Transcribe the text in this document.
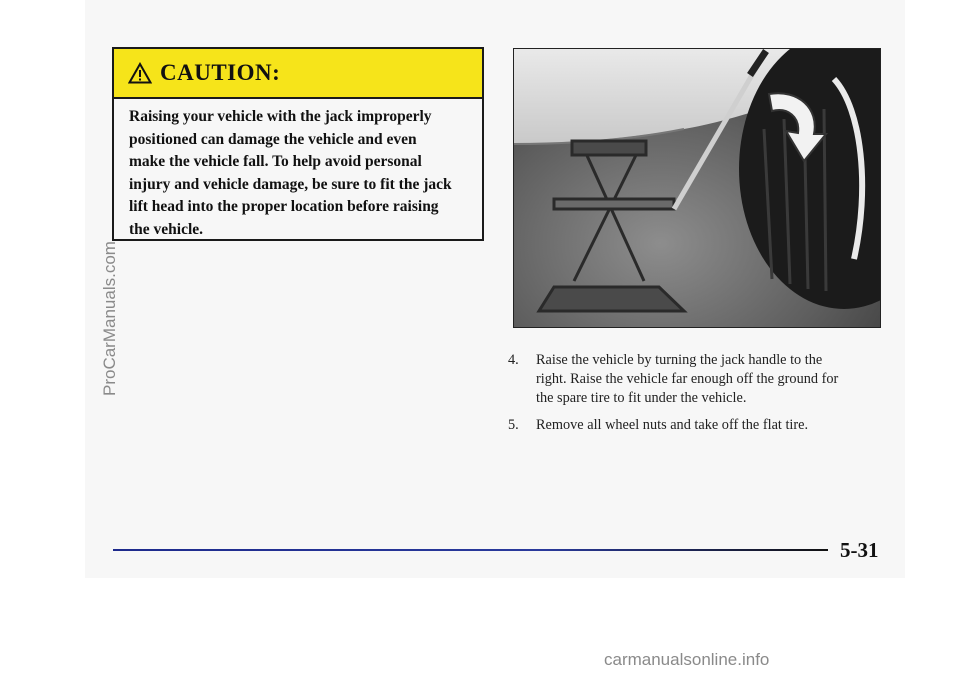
ProCarManuals.com
CAUTION:
Raising your vehicle with the jack improperly
positioned can damage the vehicle and even
make the vehicle fall. To help avoid personal
injury and vehicle damage, be sure to fit the jack
lift head into the proper location before raising
the vehicle.
4.	Raise the vehicle by turning the jack handle to the
right. Raise the vehicle far enough off the ground for
the spare tire to fit under the vehicle.
5.	Remove all wheel nuts and take off the flat tire.
5-31
carmanualsonline.info
